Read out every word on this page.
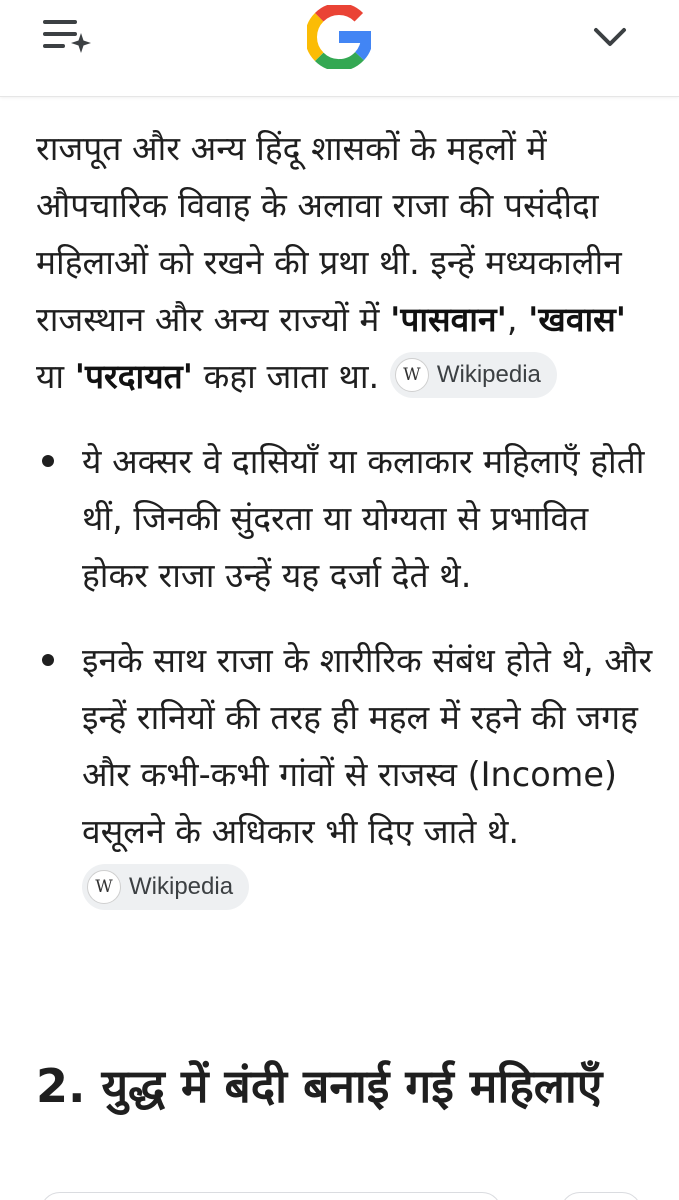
राजपूत और अन्य हिंदू शासकों के महलों में औपचारिक विवाह के अलावा राजा की पसंदीदा महिलाओं को रखने की प्रथा थी. इन्हें मध्यकालीन राजस्थान और अन्य राज्यों में 'पासवान', 'खवास' या 'परदायत' कहा जाता था. W Wikipedia

ये अक्सर वे दासियाँ या कलाकार महिलाएँ होती थीं, जिनकी सुंदरता या योग्यता से प्रभावित होकर राजा उन्हें यह दर्जा देते थे.
इनके साथ राजा के शारीरिक संबंध होते थे, और इन्हें रानियों की तरह ही महल में रहने की जगह और कभी-कभी गांवों से राजस्व (Income) वसूलने के अधिकार भी दिए जाते थे.
W Wikipedia
2. युद्ध में बंदी बनाई गई महिलाएँ
